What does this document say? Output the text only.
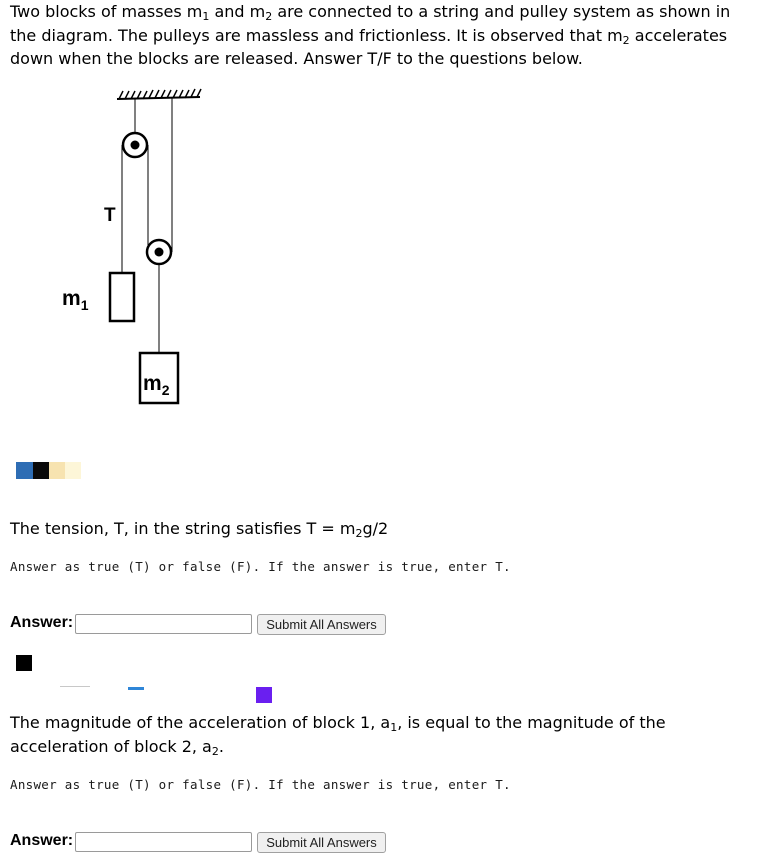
Two blocks of masses $m_1$ and $m_2$ are connected to a string and pulley system as shown in the diagram. The pulleys are massless and frictionless. It is observed that $m_2$ accelerates down when the blocks are released. Answer T/F to the questions below.
T
$m_1$
$m_2$
The tension, T, in the string satisfies $T = m_2g/2$
Answer as true (T) or false (F). If the answer is true, enter T.
Answer:	Submit All Answers
The magnitude of the acceleration of block 1, $a_1$, is equal to the magnitude of the acceleration of block 2, $a_2$.
Answer as true (T) or false (F). If the answer is true, enter T.
Answer:	Submit All Answers
